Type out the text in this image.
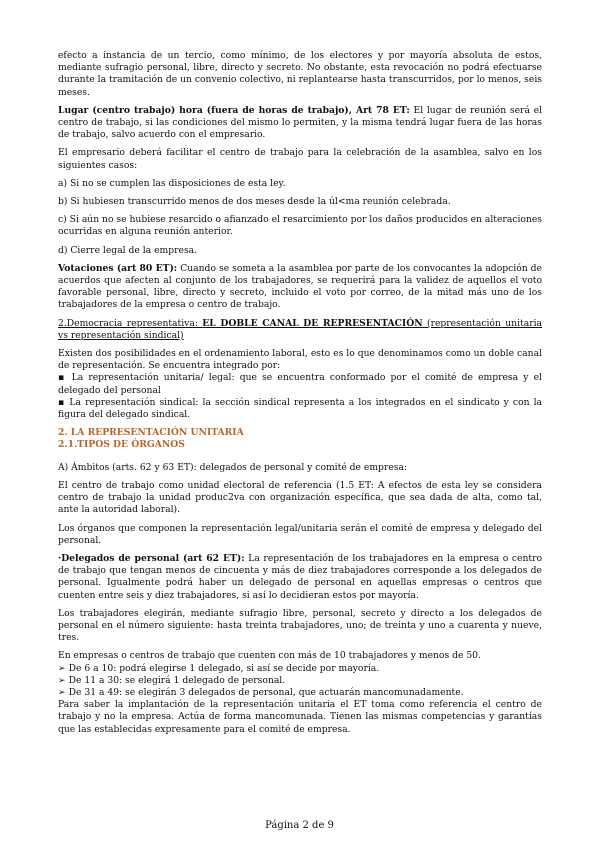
efecto a instancia de un tercio, como mínimo, de los electores y por mayoría absoluta de estos, mediante sufragio personal, libre, directo y secreto. No obstante, esta revocación no podrá efectuarse durante la tramitación de un convenio colectivo, ni replantearse hasta transcurridos, por lo menos, seis meses.

Lugar (centro trabajo) hora (fuera de horas de trabajo), Art 78 ET: El lugar de reunión será el centro de trabajo, si las condiciones del mismo lo permiten, y la misma tendrá lugar fuera de las horas de trabajo, salvo acuerdo con el empresario.

El empresario deberá facilitar el centro de trabajo para la celebración de la asamblea, salvo en los siguientes casos:

a) Si no se cumplen las disposiciones de esta ley.

b) Si hubiesen transcurrido menos de dos meses desde la úl<ma reunión celebrada.

c) Si aún no se hubiese resarcido o afianzado el resarcimiento por los daños producidos en alteraciones ocurridas en alguna reunión anterior.

d) Cierre legal de la empresa.

Votaciones (art 80 ET): Cuando se someta a la asamblea por parte de los convocantes la adopción de acuerdos que afecten al conjunto de los trabajadores, se requerirá para la validez de aquellos el voto favorable personal, libre, directo y secreto, incluido el voto por correo, de la mitad más uno de los trabajadores de la empresa o centro de trabajo.

2.Democracia representativa: EL DOBLE CANAL DE REPRESENTACIÓN (representación unitaria vs representación sindical)

Existen dos posibilidades en el ordenamiento laboral, esto es lo que denominamos como un doble canal de representación. Se encuentra integrado por:

▪ La representación unitaria/ legal: que se encuentra conformado por el comité de empresa y el delegado del personal

▪ La representación sindical: la sección sindical representa a los integrados en el sindicato y con la figura del delegado sindical.

2. LA REPRESENTACIÓN UNITARIA

2.1.TIPOS DE ÓRGANOS

A) Ámbitos (arts. 62 y 63 ET): delegados de personal y comité de empresa:

El centro de trabajo como unidad electoral de referencia (1.5 ET: A efectos de esta ley se considera centro de trabajo la unidad produc2va con organización específica, que sea dada de alta, como tal, ante la autoridad laboral).

Los órganos que componen la representación legal/unitaria serán el comité de empresa y delegado del personal.

·Delegados de personal (art 62 ET): La representación de los trabajadores en la empresa o centro de trabajo que tengan menos de cincuenta y más de diez trabajadores corresponde a los delegados de personal. Igualmente podrá haber un delegado de personal en aquellas empresas o centros que cuenten entre seis y diez trabajadores, si así lo decidieran estos por mayoría.

Los trabajadores elegirán, mediante sufragio libre, personal, secreto y directo a los delegados de personal en el número siguiente: hasta treinta trabajadores, uno; de treinta y uno a cuarenta y nueve, tres.

En empresas o centros de trabajo que cuenten con más de 10 trabajadores y menos de 50.

➢ De 6 a 10: podrá elegirse 1 delegado, si así se decide por mayoría.

➢ De 11 a 30: se elegirá 1 delegado de personal.

➢ De 31 a 49: se elegirán 3 delegados de personal, que actuarán mancomunadamente.

Para saber la implantación de la representación unitaria el ET toma como referencia el centro de trabajo y no la empresa. Actúa de forma mancomunada. Tienen las mismas competencias y garantías que las establecidas expresamente para el comité de empresa.

Página 2 de 9
